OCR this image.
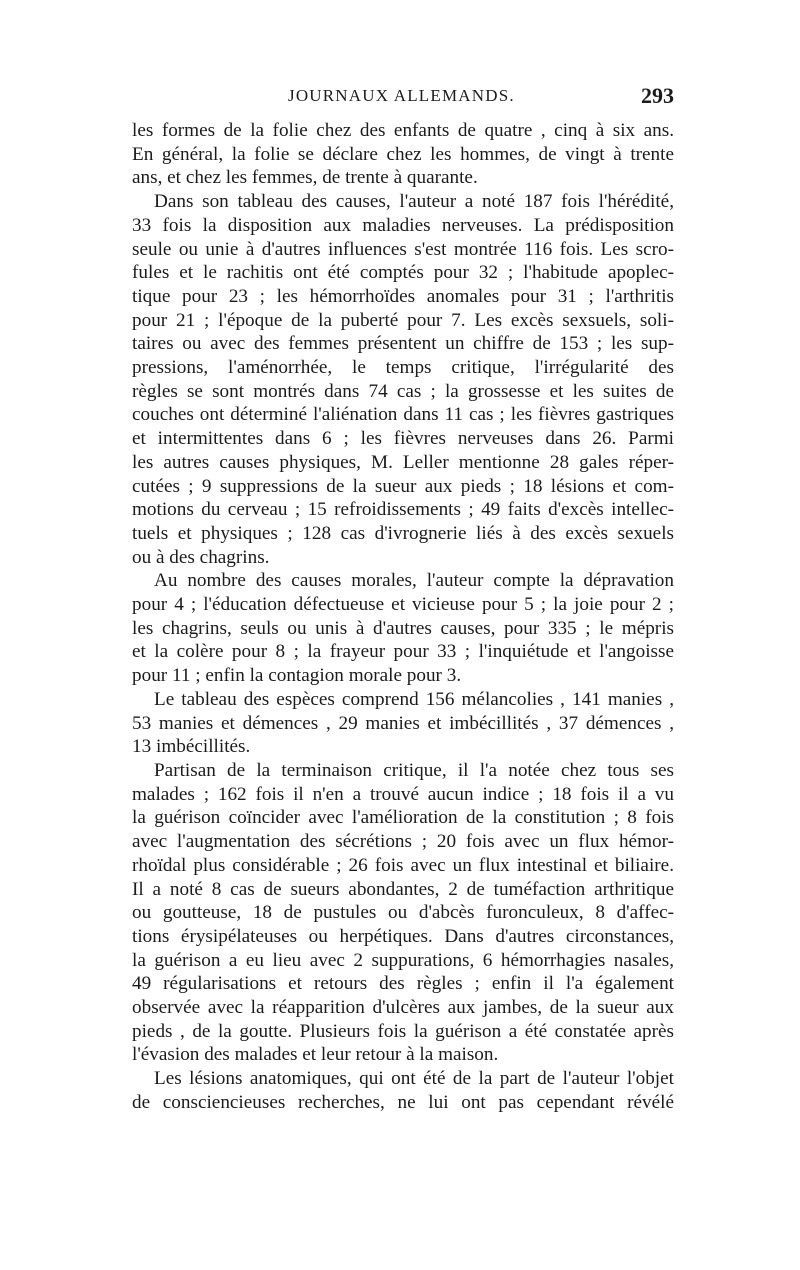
JOURNAUX ALLEMANDS.	293

les formes de la folie chez des enfants de quatre , cinq à six ans.

En général, la folie se déclare chez les hommes, de vingt à trente

ans, et chez les femmes, de trente à quarante.

Dans son tableau des causes, l'auteur a noté 187 fois l'hérédité,

33 fois la disposition aux maladies nerveuses. La prédisposition

seule ou unie à d'autres influences s'est montrée 116 fois. Les scro-

fules et le rachitis ont été comptés pour 32 ; l'habitude apoplec-

tique pour 23 ; les hémorrhoïdes anomales pour 31 ; l'arthritis

pour 21 ; l'époque de la puberté pour 7. Les excès sexsuels, soli-

taires ou avec des femmes présentent un chiffre de 153 ; les sup-

pressions, l'aménorrhée, le temps critique, l'irrégularité des

règles se sont montrés dans 74 cas ; la grossesse et les suites de

couches ont déterminé l'aliénation dans 11 cas ; les fièvres gastriques

et intermittentes dans 6 ; les fièvres nerveuses dans 26. Parmi

les autres causes physiques, M. Leller mentionne 28 gales réper-

cutées ; 9 suppressions de la sueur aux pieds ; 18 lésions et com-

motions du cerveau ; 15 refroidissements ; 49 faits d'excès intellec-

tuels et physiques ; 128 cas d'ivrognerie liés à des excès sexuels

ou à des chagrins.

Au nombre des causes morales, l'auteur compte la dépravation

pour 4 ; l'éducation défectueuse et vicieuse pour 5 ; la joie pour 2 ;

les chagrins, seuls ou unis à d'autres causes, pour 335 ; le mépris

et la colère pour 8 ; la frayeur pour 33 ; l'inquiétude et l'angoisse

pour 11 ; enfin la contagion morale pour 3.

Le tableau des espèces comprend 156 mélancolies , 141 manies ,

53 manies et démences , 29 manies et imbécillités , 37 démences ,

13 imbécillités.

Partisan de la terminaison critique, il l'a notée chez tous ses

malades ; 162 fois il n'en a trouvé aucun indice ; 18 fois il a vu

la guérison coïncider avec l'amélioration de la constitution ; 8 fois

avec l'augmentation des sécrétions ; 20 fois avec un flux hémor-

rhoïdal plus considérable ; 26 fois avec un flux intestinal et biliaire.

Il a noté 8 cas de sueurs abondantes, 2 de tuméfaction arthritique

ou goutteuse, 18 de pustules ou d'abcès furonculeux, 8 d'affec-

tions érysipélateuses ou herpétiques. Dans d'autres circonstances,

la guérison a eu lieu avec 2 suppurations, 6 hémorrhagies nasales,

49 régularisations et retours des règles ; enfin il l'a également

observée avec la réapparition d'ulcères aux jambes, de la sueur aux

pieds , de la goutte. Plusieurs fois la guérison a été constatée après

l'évasion des malades et leur retour à la maison.

Les lésions anatomiques, qui ont été de la part de l'auteur l'objet

de consciencieuses recherches, ne lui ont pas cependant révélé
